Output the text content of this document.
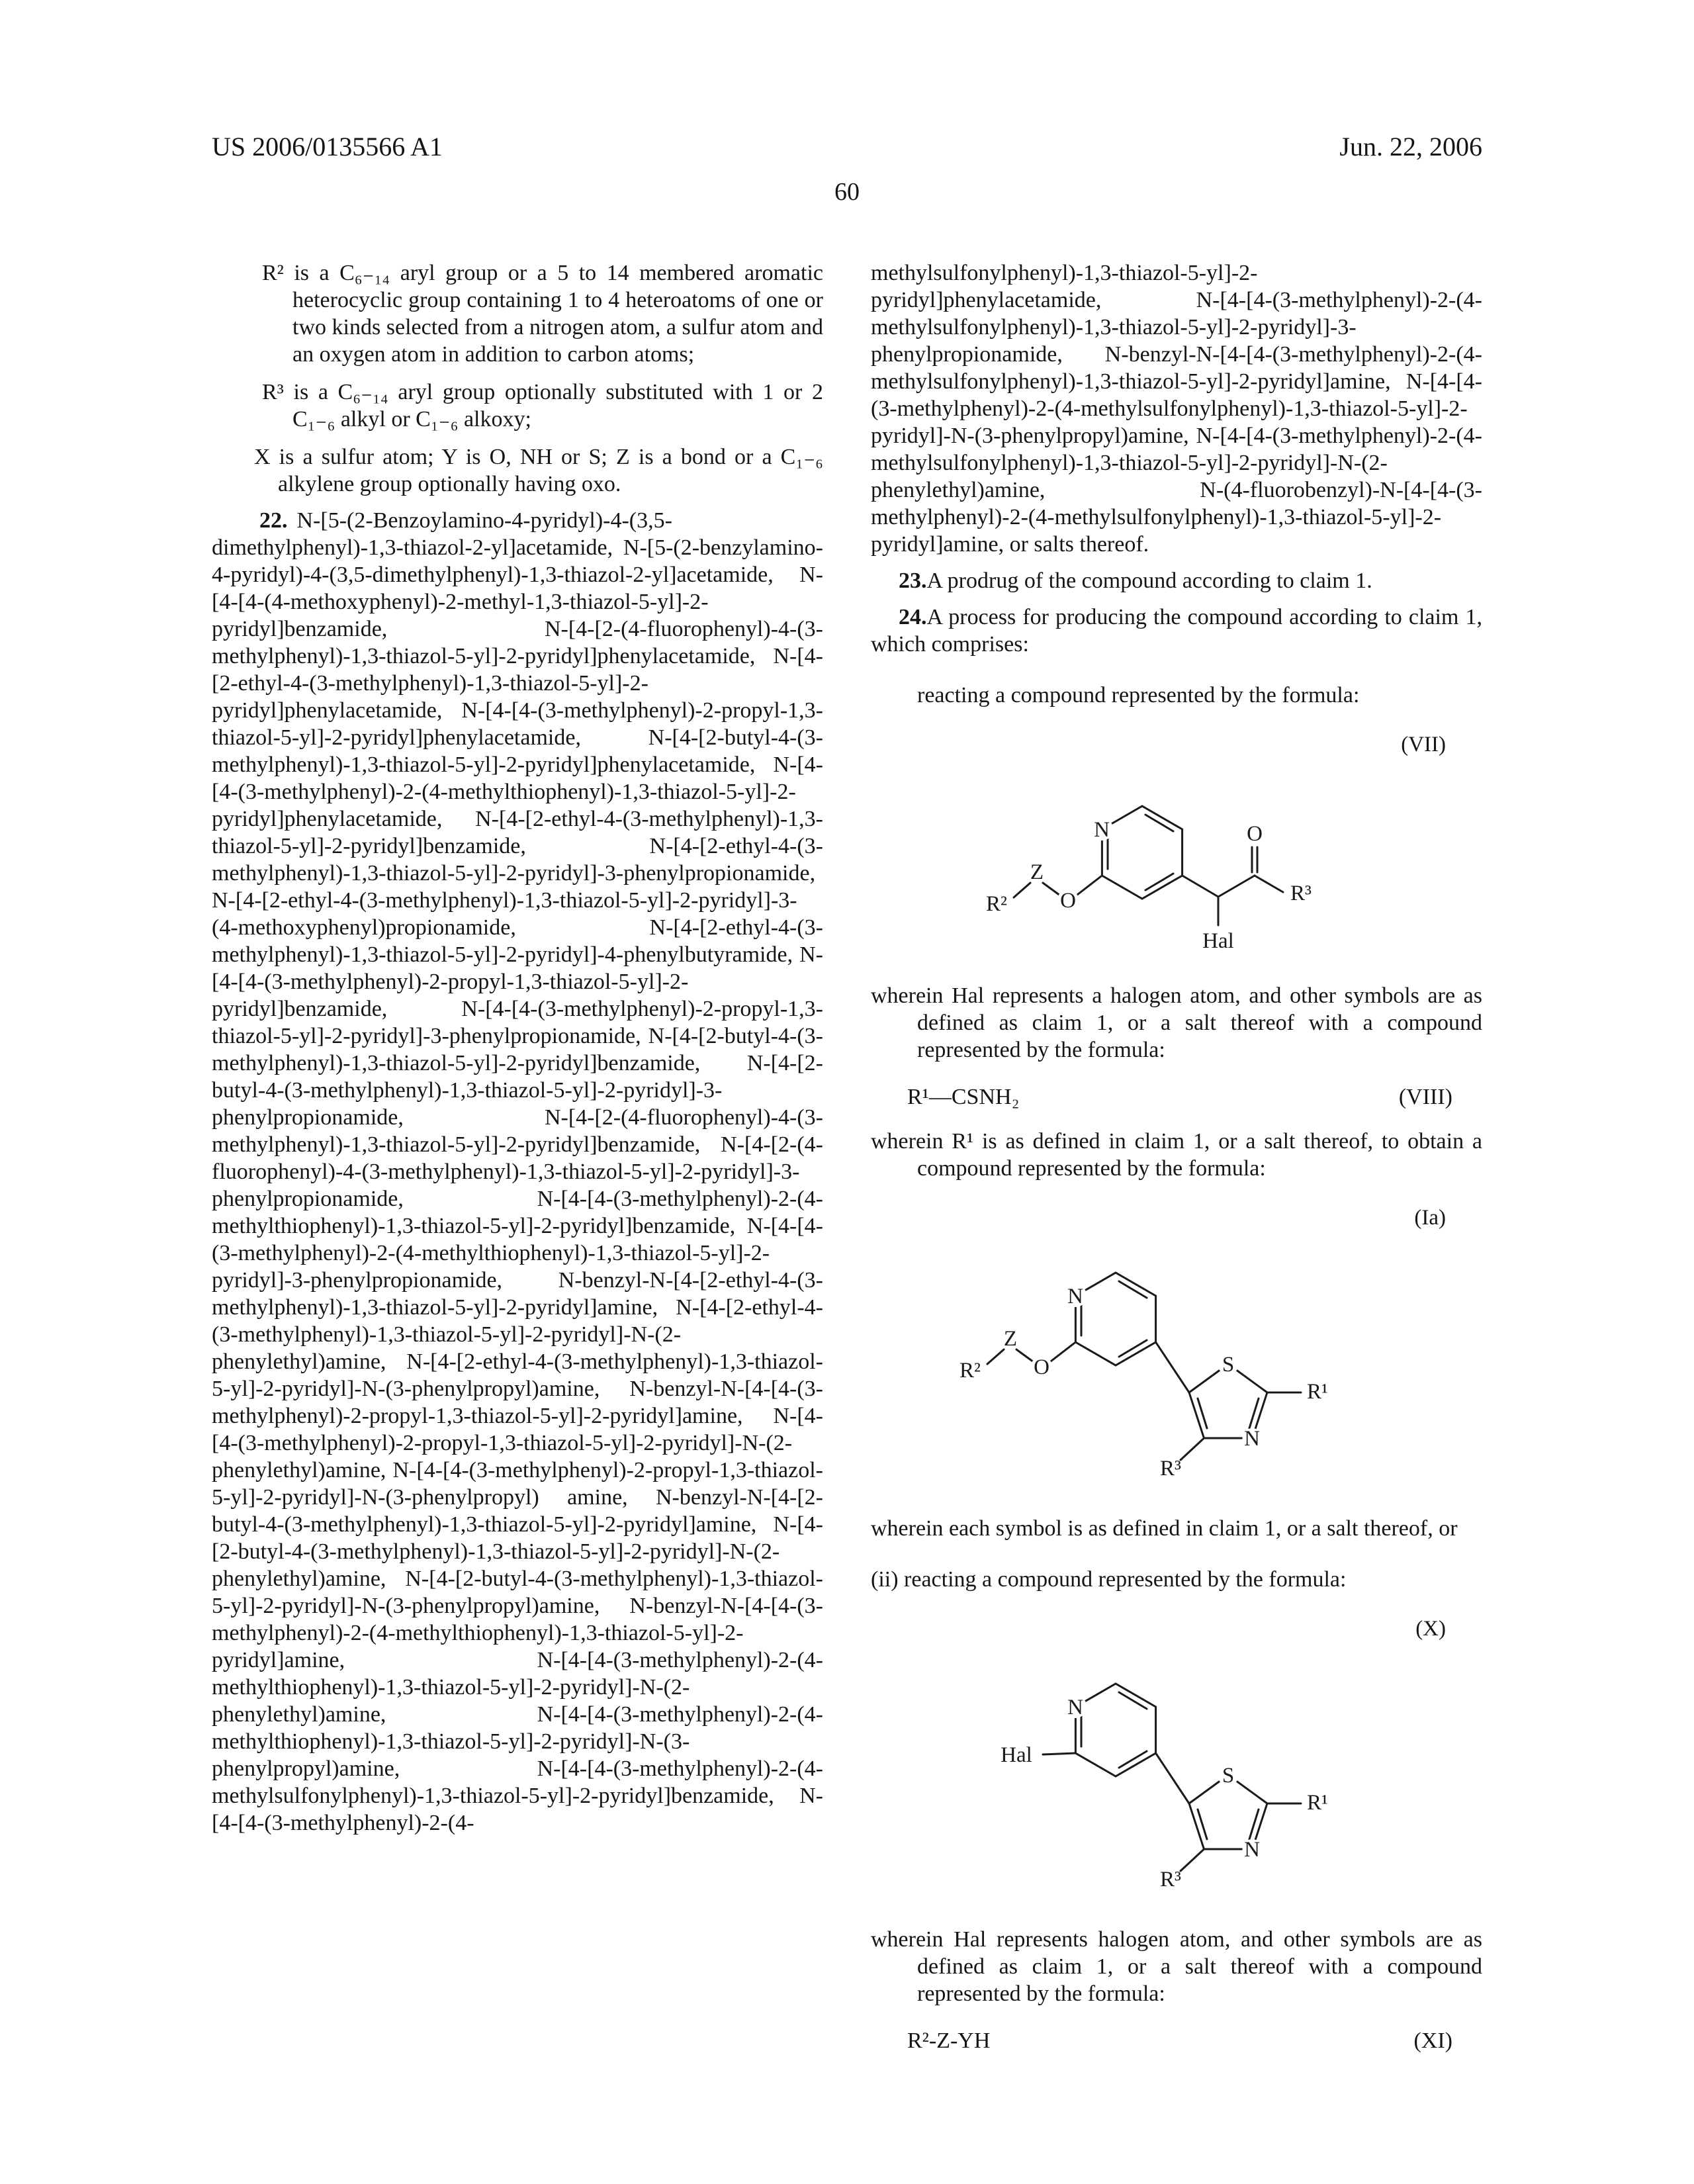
US 2006/0135566 A1	Jun. 22, 2006
60

R² is a C₆₋₁₄ aryl group or a 5 to 14 membered aromatic heterocyclic group containing 1 to 4 heteroatoms of one or two kinds selected from a nitrogen atom, a sulfur atom and an oxygen atom in addition to carbon atoms;

R³ is a C₆₋₁₄ aryl group optionally substituted with 1 or 2 C₁₋₆ alkyl or C₁₋₆ alkoxy;

X is a sulfur atom; Y is O, NH or S; Z is a bond or a C₁₋₆ alkylene group optionally having oxo.

22. N-[5-(2-Benzoylamino-4-pyridyl)-4-(3,5-dimethylphenyl)-1,3-thiazol-2-yl]acetamide, N-[5-(2-benzylamino-4-pyridyl)-4-(3,5-dimethylphenyl)-1,3-thiazol-2-yl]acetamide, N-[4-[4-(4-methoxyphenyl)-2-methyl-1,3-thiazol-5-yl]-2-pyridyl]benzamide, N-[4-[2-(4-fluorophenyl)-4-(3-methylphenyl)-1,3-thiazol-5-yl]-2-pyridyl]phenylacetamide, N-[4-[2-ethyl-4-(3-methylphenyl)-1,3-thiazol-5-yl]-2-pyridyl]phenylacetamide, N-[4-[4-(3-methylphenyl)-2-propyl-1,3-thiazol-5-yl]-2-pyridyl]phenylacetamide, N-[4-[2-butyl-4-(3-methylphenyl)-1,3-thiazol-5-yl]-2-pyridyl]phenylacetamide, N-[4-[4-(3-methylphenyl)-2-(4-methylthiophenyl)-1,3-thiazol-5-yl]-2-pyridyl]phenylacetamide, N-[4-[2-ethyl-4-(3-methylphenyl)-1,3-thiazol-5-yl]-2-pyridyl]benzamide, N-[4-[2-ethyl-4-(3-methylphenyl)-1,3-thiazol-5-yl]-2-pyridyl]-3-phenylpropionamide, N-[4-[2-ethyl-4-(3-methylphenyl)-1,3-thiazol-5-yl]-2-pyridyl]-3-(4-methoxyphenyl)propionamide, N-[4-[2-ethyl-4-(3-methylphenyl)-1,3-thiazol-5-yl]-2-pyridyl]-4-phenylbutyramide, N-[4-[4-(3-methylphenyl)-2-propyl-1,3-thiazol-5-yl]-2-pyridyl]benzamide, N-[4-[4-(3-methylphenyl)-2-propyl-1,3-thiazol-5-yl]-2-pyridyl]-3-phenylpropionamide, N-[4-[2-butyl-4-(3-methylphenyl)-1,3-thiazol-5-yl]-2-pyridyl]benzamide, N-[4-[2-butyl-4-(3-methylphenyl)-1,3-thiazol-5-yl]-2-pyridyl]-3-phenylpropionamide, N-[4-[2-(4-fluorophenyl)-4-(3-methylphenyl)-1,3-thiazol-5-yl]-2-pyridyl]benzamide, N-[4-[2-(4-fluorophenyl)-4-(3-methylphenyl)-1,3-thiazol-5-yl]-2-pyridyl]-3-phenylpropionamide, N-[4-[4-(3-methylphenyl)-2-(4-methylthiophenyl)-1,3-thiazol-5-yl]-2-pyridyl]benzamide, N-[4-[4-(3-methylphenyl)-2-(4-methylthiophenyl)-1,3-thiazol-5-yl]-2-pyridyl]-3-phenylpropionamide, N-benzyl-N-[4-[2-ethyl-4-(3-methylphenyl)-1,3-thiazol-5-yl]-2-pyridyl]amine, N-[4-[2-ethyl-4-(3-methylphenyl)-1,3-thiazol-5-yl]-2-pyridyl]-N-(2-phenylethyl)amine, N-[4-[2-ethyl-4-(3-methylphenyl)-1,3-thiazol-5-yl]-2-pyridyl]-N-(3-phenylpropyl)amine, N-benzyl-N-[4-[4-(3-methylphenyl)-2-propyl-1,3-thiazol-5-yl]-2-pyridyl]amine, N-[4-[4-(3-methylphenyl)-2-propyl-1,3-thiazol-5-yl]-2-pyridyl]-N-(2-phenylethyl)amine, N-[4-[4-(3-methylphenyl)-2-propyl-1,3-thiazol-5-yl]-2-pyridyl]-N-(3-phenylpropyl) amine, N-benzyl-N-[4-[2-butyl-4-(3-methylphenyl)-1,3-thiazol-5-yl]-2-pyridyl]amine, N-[4-[2-butyl-4-(3-methylphenyl)-1,3-thiazol-5-yl]-2-pyridyl]-N-(2-phenylethyl)amine, N-[4-[2-butyl-4-(3-methylphenyl)-1,3-thiazol-5-yl]-2-pyridyl]-N-(3-phenylpropyl)amine, N-benzyl-N-[4-[4-(3-methylphenyl)-2-(4-methylthiophenyl)-1,3-thiazol-5-yl]-2-pyridyl]amine, N-[4-[4-(3-methylphenyl)-2-(4-methylthiophenyl)-1,3-thiazol-5-yl]-2-pyridyl]-N-(2-phenylethyl)amine, N-[4-[4-(3-methylphenyl)-2-(4-methylthiophenyl)-1,3-thiazol-5-yl]-2-pyridyl]-N-(3-phenylpropyl)amine, N-[4-[4-(3-methylphenyl)-2-(4-methylsulfonylphenyl)-1,3-thiazol-5-yl]-2-pyridyl]benzamide, N-[4-[4-(3-methylphenyl)-2-(4-

methylsulfonylphenyl)-1,3-thiazol-5-yl]-2-pyridyl]phenylacetamide, N-[4-[4-(3-methylphenyl)-2-(4-methylsulfonylphenyl)-1,3-thiazol-5-yl]-2-pyridyl]-3-phenylpropionamide, N-benzyl-N-[4-[4-(3-methylphenyl)-2-(4-methylsulfonylphenyl)-1,3-thiazol-5-yl]-2-pyridyl]amine, N-[4-[4-(3-methylphenyl)-2-(4-methylsulfonylphenyl)-1,3-thiazol-5-yl]-2-pyridyl]-N-(3-phenylpropyl)amine, N-[4-[4-(3-methylphenyl)-2-(4-methylsulfonylphenyl)-1,3-thiazol-5-yl]-2-pyridyl]-N-(2-phenylethyl)amine, N-(4-fluorobenzyl)-N-[4-[4-(3-methylphenyl)-2-(4-methylsulfonylphenyl)-1,3-thiazol-5-yl]-2-pyridyl]amine, or salts thereof.

23.A prodrug of the compound according to claim 1.

24.A process for producing the compound according to claim 1, which comprises:

reacting a compound represented by the formula:

(VII)
N
O
Z
R²
Hal
O
R³

wherein Hal represents a halogen atom, and other symbols are as defined as claim 1, or a salt thereof with a compound represented by the formula:

R¹—CSNH₂	(VIII)

wherein R¹ is as defined in claim 1, or a salt thereof, to obtain a compound represented by the formula:

(Ia)
N
O
Z
R²	S
N
R¹
R³

wherein each symbol is as defined in claim 1, or a salt thereof, or

(ii) reacting a compound represented by the formula:

(X)
N
Hal
S
N
R¹
R³

wherein Hal represents halogen atom, and other symbols are as defined as claim 1, or a salt thereof with a compound represented by the formula:

R²-Z-YH	(XI)
